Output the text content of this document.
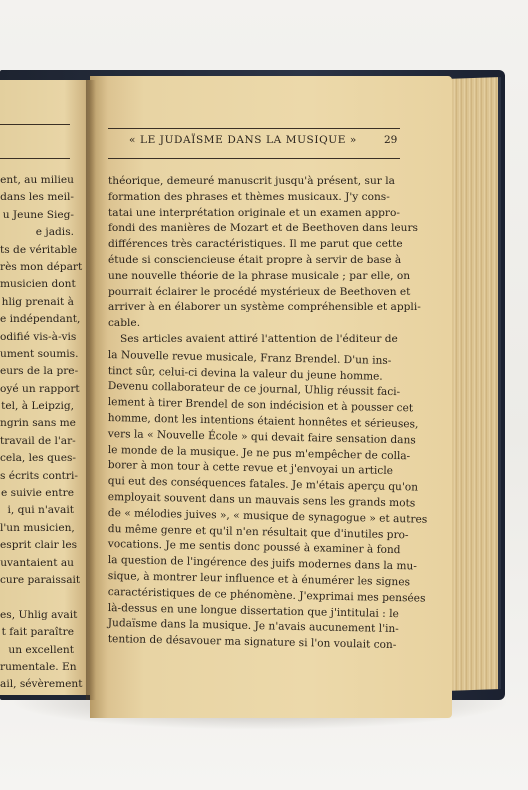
ent, au milieu
dans les meil-
u Jeune Sieg-
e jadis.
ts de véritable
rès mon départ
musicien dont
hlig prenait à
e indépendant,
odifié vis-à-vis
ument soumis.
eurs de la pre-
oyé un rapport
tel, à Leipzig,
ngrin sans me
travail de l'ar-
cela, les ques-
s écrits contri-
e suivie entre
i, qui n'avait
l'un musicien,
esprit clair les
uvantaient au
cure paraissait
es, Uhlig avait
t fait paraître
un excellent
rumentale. En
ail, sévèrement
« LE JUDAÏSME DANS LA MUSIQUE »	29
théorique, demeuré manuscrit jusqu'à présent, sur la
formation des phrases et thèmes musicaux. J'y cons-
tatai une interprétation originale et un examen appro-
fondi des manières de Mozart et de Beethoven dans leurs
différences très caractéristiques. Il me parut que cette
étude si consciencieuse était propre à servir de base à
une nouvelle théorie de la phrase musicale ; par elle, on
pourrait éclairer le procédé mystérieux de Beethoven et
arriver à en élaborer un système compréhensible et appli-
cable.
Ses articles avaient attiré l'attention de l'éditeur de
la Nouvelle revue musicale, Franz Brendel. D'un ins-
tinct sûr, celui-ci devina la valeur du jeune homme.
Devenu collaborateur de ce journal, Uhlig réussit faci-
lement à tirer Brendel de son indécision et à pousser cet
homme, dont les intentions étaient honnêtes et sérieuses,
vers la « Nouvelle École » qui devait faire sensation dans
le monde de la musique. Je ne pus m'empêcher de colla-
borer à mon tour à cette revue et j'envoyai un article
qui eut des conséquences fatales. Je m'étais aperçu qu'on
employait souvent dans un mauvais sens les grands mots
de « mélodies juives », « musique de synagogue » et autres
du même genre et qu'il n'en résultait que d'inutiles pro-
vocations. Je me sentis donc poussé à examiner à fond
la question de l'ingérence des juifs modernes dans la mu-
sique, à montrer leur influence et à énumérer les signes
caractéristiques de ce phénomène. J'exprimai mes pensées
là-dessus en une longue dissertation que j'intitulai : le
Judaïsme dans la musique. Je n'avais aucunement l'in-
tention de désavouer ma signature si l'on voulait con-
